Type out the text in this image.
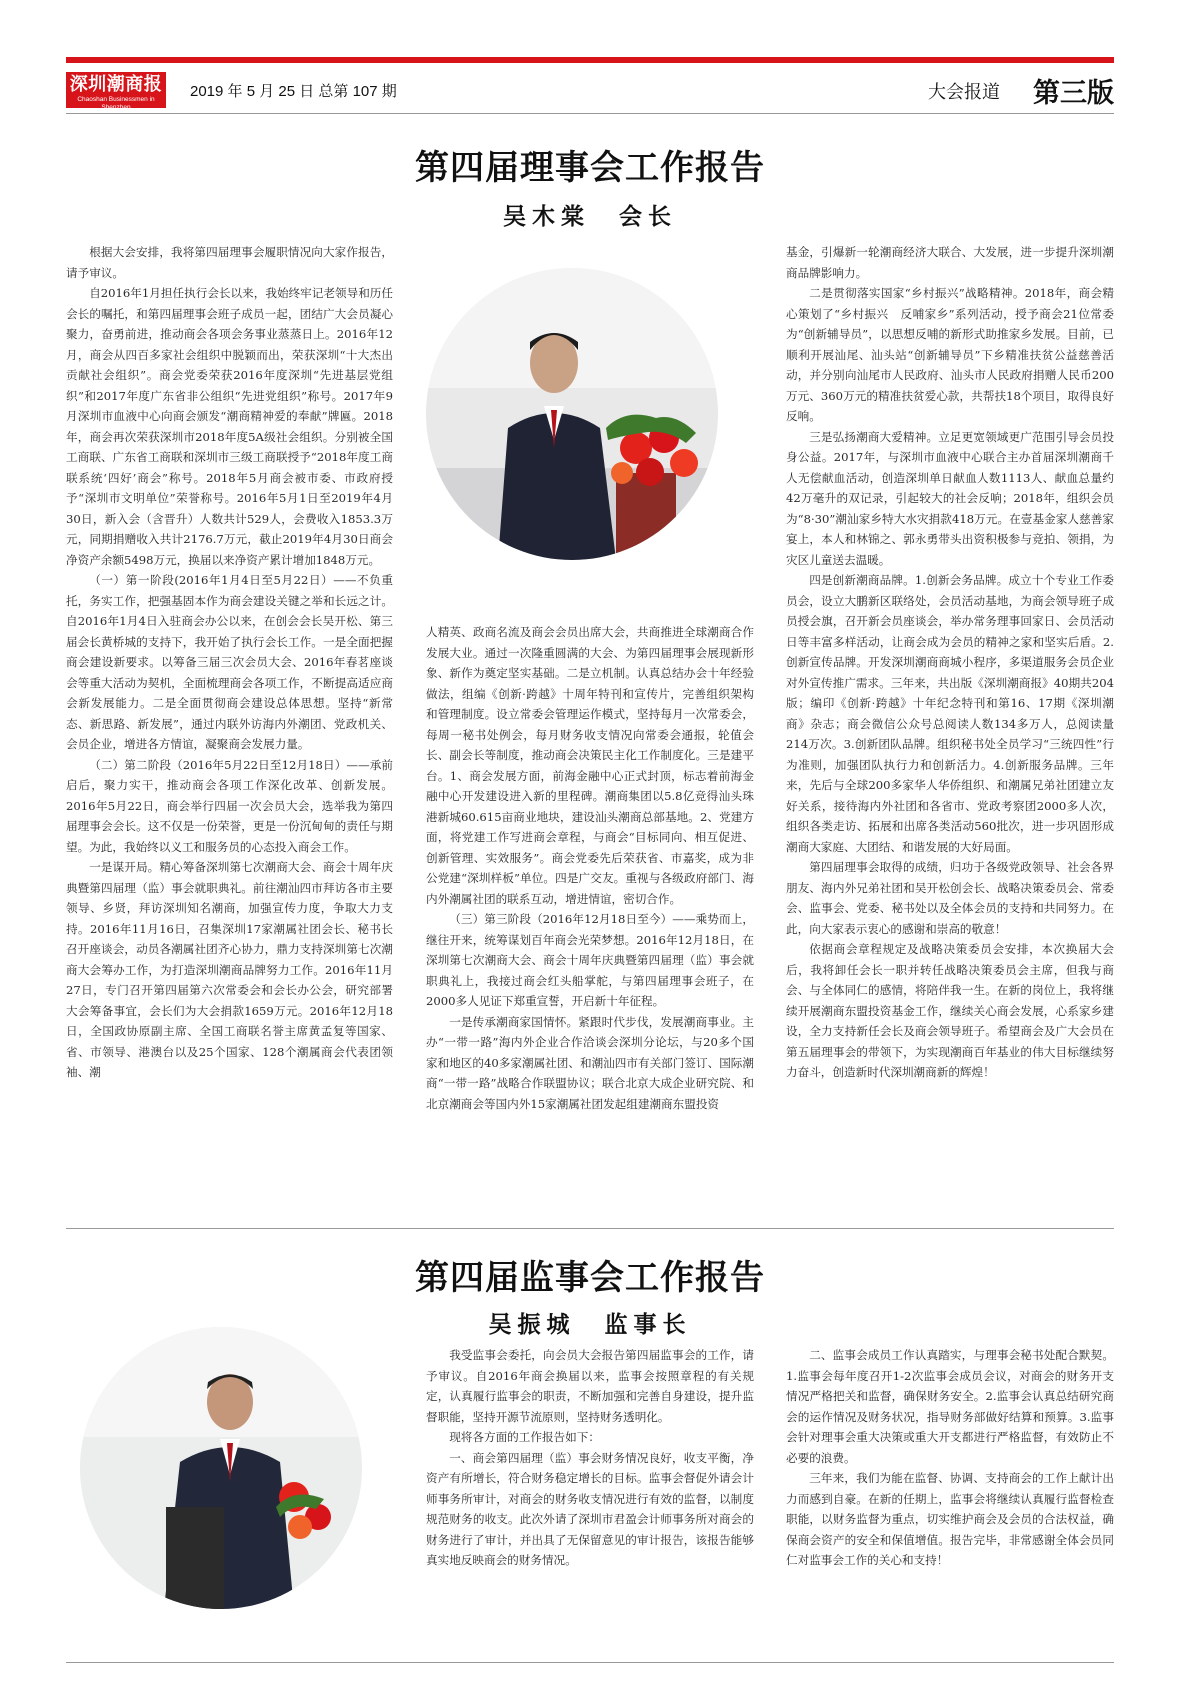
深圳潮商报
Chaoshan Businessmen in Shenzhen
2019 年 5 月 25 日 总第 107 期	大会报道 第三版
第四届理事会工作报告
吴木棠　会长

根据大会安排，我将第四届理事会履职情况向大家作报告，请予审议。

自2016年1月担任执行会长以来，我始终牢记老领导和历任会长的嘱托，和第四届理事会班子成员一起，团结广大会员凝心聚力，奋勇前进，推动商会各项会务事业蒸蒸日上。2016年12月，商会从四百多家社会组织中脱颖而出，荣获深圳“十大杰出贡献社会组织”。商会党委荣获2016年度深圳“先进基层党组织”和2017年度广东省非公组织“先进党组织”称号。2017年9月深圳市血液中心向商会颁发“潮商精神爱的奉献”牌匾。2018年，商会再次荣获深圳市2018年度5A级社会组织。分别被全国工商联、广东省工商联和深圳市三级工商联授予“2018年度工商联系统‘四好’商会”称号。2018年5月商会被市委、市政府授予“深圳市文明单位”荣誉称号。2016年5月1日至2019年4月30日，新入会（含晋升）人数共计529人，会费收入1853.3万元，同期捐赠收入共计2176.7万元，截止2019年4月30日商会净资产余额5498万元，换届以来净资产累计增加1848万元。

（一）第一阶段(2016年1月4日至5月22日）——不负重托，务实工作，把强基固本作为商会建设关键之举和长远之计。自2016年1月4日入驻商会办公以来，在创会会长吴开松、第三届会长黄桥城的支持下，我开始了执行会长工作。一是全面把握商会建设新要求。以筹备三届三次会员大会、2016年春茗座谈会等重大活动为契机，全面梳理商会各项工作，不断提高适应商会新发展能力。二是全面贯彻商会建设总体思想。坚持“新常态、新思路、新发展”，通过内联外访海内外潮团、党政机关、会员企业，增进各方情谊，凝聚商会发展力量。

（二）第二阶段（2016年5月22日至12月18日）——承前启后，聚力实干，推动商会各项工作深化改革、创新发展。2016年5月22日，商会举行四届一次会员大会，选举我为第四届理事会会长。这不仅是一份荣誉，更是一份沉甸甸的责任与期望。为此，我始终以义工和服务员的心态投入商会工作。

一是谋开局。精心筹备深圳第七次潮商大会、商会十周年庆典暨第四届理（监）事会就职典礼。前往潮汕四市拜访各市主要领导、乡贤，拜访深圳知名潮商，加强宣传力度，争取大力支持。2016年11月16日，召集深圳17家潮属社团会长、秘书长召开座谈会，动员各潮属社团齐心协力，鼎力支持深圳第七次潮商大会筹办工作，为打造深圳潮商品牌努力工作。2016年11月27日，专门召开第四届第六次常委会和会长办公会，研究部署大会筹备事宜，会长们为大会捐款1659万元。2016年12月18日，全国政协原副主席、全国工商联名誉主席黄孟复等国家、省、市领导、港澳台以及25个国家、128个潮属商会代表团领袖、潮

人精英、政商名流及商会会员出席大会，共商推进全球潮商合作发展大业。通过一次隆重圆满的大会、为第四届理事会展现新形象、新作为奠定坚实基础。二是立机制。认真总结办会十年经验做法，组编《创新·跨越》十周年特刊和宣传片，完善组织架构和管理制度。设立常委会管理运作模式，坚持每月一次常委会，每周一秘书处例会，每月财务收支情况向常委会通报，轮值会长、副会长等制度，推动商会决策民主化工作制度化。三是建平台。1、商会发展方面，前海金融中心正式封顶，标志着前海金融中心开发建设进入新的里程碑。潮商集团以5.8亿竞得汕头珠港新城60.615亩商业地块，建设汕头潮商总部基地。2、党建方面，将党建工作写进商会章程，与商会“目标同向、相互促进、创新管理、实效服务”。商会党委先后荣获省、市嘉奖，成为非公党建“深圳样板”单位。四是广交友。重视与各级政府部门、海内外潮属社团的联系互动，增进情谊，密切合作。

（三）第三阶段（2016年12月18日至今）——乘势而上，继往开来，统筹谋划百年商会光荣梦想。2016年12月18日，在深圳第七次潮商大会、商会十周年庆典暨第四届理（监）事会就职典礼上，我接过商会红头船掌舵，与第四届理事会班子，在2000多人见证下郑重宣誓，开启新十年征程。

一是传承潮商家国情怀。紧跟时代步伐，发展潮商事业。主办“一带一路”海内外企业合作洽谈会深圳分论坛，与20多个国家和地区的40多家潮属社团、和潮汕四市有关部门签订、国际潮商“一带一路”战略合作联盟协议；联合北京大成企业研究院、和北京潮商会等国内外15家潮属社团发起组建潮商东盟投资

基金，引爆新一轮潮商经济大联合、大发展，进一步提升深圳潮商品牌影响力。

二是贯彻落实国家“乡村振兴”战略精神。2018年，商会精心策划了“乡村振兴　反哺家乡”系列活动，授予商会21位常委为“创新辅导员”，以思想反哺的新形式助推家乡发展。目前，已顺利开展汕尾、汕头站“创新辅导员”下乡精准扶贫公益慈善活动，并分别向汕尾市人民政府、汕头市人民政府捐赠人民币200万元、360万元的精准扶贫爱心款，共帮扶18个项目，取得良好反响。

三是弘扬潮商大爱精神。立足更宽领域更广范围引导会员投身公益。2017年，与深圳市血液中心联合主办首届深圳潮商千人无偿献血活动，创造深圳单日献血人数1113人、献血总量约42万毫升的双记录，引起较大的社会反响；2018年，组织会员为“8·30”潮汕家乡特大水灾捐款418万元。在壹基金家人慈善家宴上，本人和林锦之、郭永勇带头出资积极参与竞拍、领捐，为灾区儿童送去温暖。

四是创新潮商品牌。1.创新会务品牌。成立十个专业工作委员会，设立大鹏新区联络处，会员活动基地，为商会领导班子成员授会旗，召开新会员座谈会，举办常务理事回家日、会员活动日等丰富多样活动，让商会成为会员的精神之家和坚实后盾。2.创新宣传品牌。开发深圳潮商商城小程序，多渠道服务会员企业对外宣传推广需求。三年来，共出版《深圳潮商报》40期共204版；编印《创新·跨越》十年纪念特刊和第16、17期《深圳潮商》杂志；商会微信公众号总阅读人数134多万人，总阅读量214万次。3.创新团队品牌。组织秘书处全员学习“三统四性”行为准则，加强团队执行力和创新活力。4.创新服务品牌。三年来，先后与全球200多家华人华侨组织、和潮属兄弟社团建立友好关系，接待海内外社团和各省市、党政考察团2000多人次，组织各类走访、拓展和出席各类活动560批次，进一步巩固形成潮商大家庭、大团结、和谐发展的大好局面。

第四届理事会取得的成绩，归功于各级党政领导、社会各界朋友、海内外兄弟社团和吴开松创会长、战略决策委员会、常委会、监事会、党委、秘书处以及全体会员的支持和共同努力。在此，向大家表示衷心的感谢和崇高的敬意！

依据商会章程规定及战略决策委员会安排，本次换届大会后，我将卸任会长一职并转任战略决策委员会主席，但我与商会、与全体同仁的感情，将陪伴我一生。在新的岗位上，我将继续开展潮商东盟投资基金工作，继续关心商会发展，心系家乡建设，全力支持新任会长及商会领导班子。希望商会及广大会员在第五届理事会的带领下，为实现潮商百年基业的伟大目标继续努力奋斗，创造新时代深圳潮商新的辉煌！

第四届监事会工作报告
吴振城　监事长

我受监事会委托，向会员大会报告第四届监事会的工作，请予审议。自2016年商会换届以来，监事会按照章程的有关规定，认真履行监事会的职责，不断加强和完善自身建设，提升监督职能，坚持开源节流原则，坚持财务透明化。

现将各方面的工作报告如下：

一、商会第四届理（监）事会财务情况良好，收支平衡，净资产有所增长，符合财务稳定增长的目标。监事会督促外请会计师事务所审计，对商会的财务收支情况进行有效的监督，以制度规范财务的收支。此次外请了深圳市君盈会计师事务所对商会的财务进行了审计，并出具了无保留意见的审计报告，该报告能够真实地反映商会的财务情况。

二、监事会成员工作认真踏实，与理事会秘书处配合默契。1.监事会每年度召开1-2次监事会成员会议，对商会的财务开支情况严格把关和监督，确保财务安全。2.监事会认真总结研究商会的运作情况及财务状况，指导财务部做好结算和预算。3.监事会针对理事会重大决策或重大开支都进行严格监督，有效防止不必要的浪费。

三年来，我们为能在监督、协调、支持商会的工作上献计出力而感到自豪。在新的任期上，监事会将继续认真履行监督检查职能，以财务监督为重点，切实维护商会及会员的合法权益，确保商会资产的安全和保值增值。报告完毕，非常感谢全体会员同仁对监事会工作的关心和支持！
